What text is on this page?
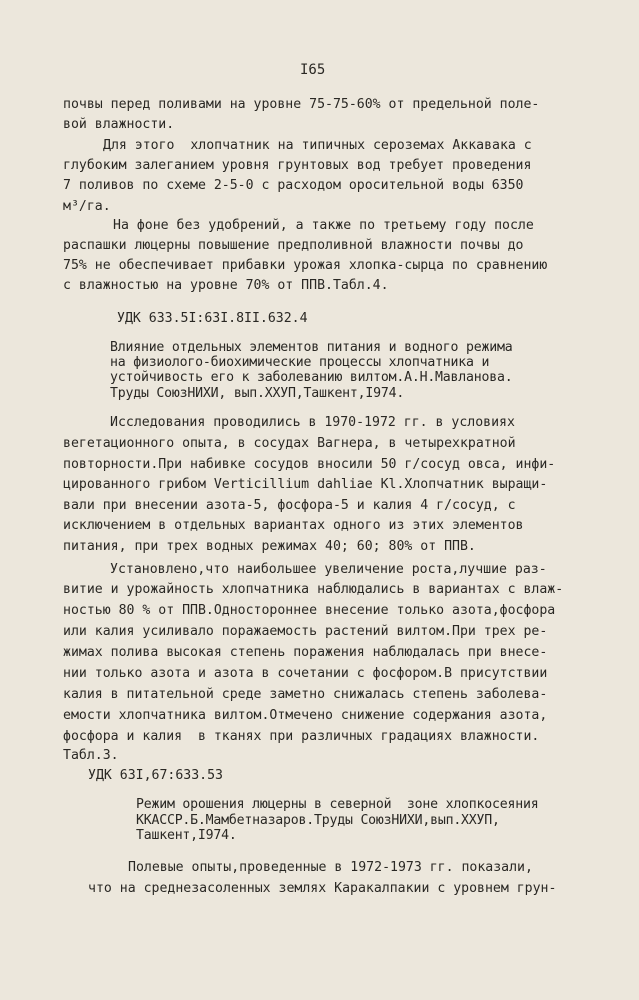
I65
почвы перед поливами на уровне 75-75-60% от предельной поле-
вой влажности.
Для этого  хлопчатник на типичных сероземах Аккавака с
глубоким залеганием уровня грунтовых вод требует проведения
7 поливов по схеме 2-5-0 с расходом оросительной воды 6350
м³/га.
На фоне без удобрений, а также по третьему году после
распашки люцерны повышение предполивной влажности почвы до
75% не обеспечивает прибавки урожая хлопка-сырца по сравнению
с влажностью на уровне 70% от ППВ.Табл.4.
УДК 633.5I:63I.8II.632.4
Влияние отдельных элементов питания и водного режима
на физиолого-биохимические процессы хлопчатника и
устойчивость его к заболеванию вилтом.А.Н.Мавланова.
Труды СоюзНИХИ, вып.ХХУП,Ташкент,I974.
Исследования проводились в 1970-1972 гг. в условиях
вегетационного опыта, в сосудах Вагнера, в четырехкратной
повторности.При набивке сосудов вносили 50 г/сосуд овса, инфи-
цированного грибом Verticillium dahliae Kl.Хлопчатник выращи-
вали при внесении азота-5, фосфора-5 и калия 4 г/сосуд, с
исключением в отдельных вариантах одного из этих элементов
питания, при трех водных режимах 40; 60; 80% от ППВ.
Установлено,что наибольшее увеличение роста,лучшие раз-
витие и урожайность хлопчатника наблюдались в вариантах с влаж-
ностью 80 % от ППВ.Одностороннее внесение только азота,фосфора
или калия усиливало поражаемость растений вилтом.При трех ре-
жимах полива высокая степень поражения наблюдалась при внесе-
нии только азота и азота в сочетании с фосфором.В присутствии
калия в питательной среде заметно снижалась степень заболева-
емости хлопчатника вилтом.Отмечено снижение содержания азота,
фосфора и калия  в тканях при различных градациях влажности.
Табл.3.
УДК 63I,67:633.53
Режим орошения люцерны в северной  зоне хлопкосеяния
ККАССР.Б.Мамбетназаров.Труды СоюзНИХИ,вып.ХХУП,
Ташкент,I974.
Полевые опыты,проведенные в 1972-1973 гг. показали,
что на среднезасоленных землях Каракалпакии с уровнем грун-
